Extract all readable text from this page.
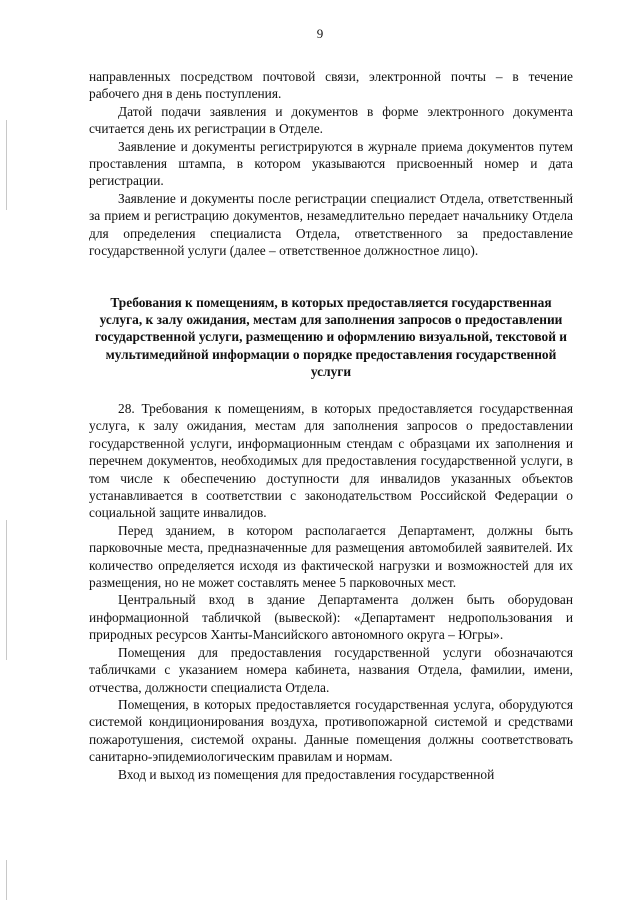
9

направленных посредством почтовой связи, электронной почты – в течение рабочего дня в день поступления.

Датой подачи заявления и документов в форме электронного документа считается день их регистрации в Отделе.

Заявление и документы регистрируются в журнале приема документов путем проставления штампа, в котором указываются присвоенный номер и дата регистрации.

Заявление и документы после регистрации специалист Отдела, ответственный за прием и регистрацию документов, незамедлительно передает начальнику Отдела для определения специалиста Отдела, ответственного за предоставление государственной услуги (далее – ответственное должностное лицо).

Требования к помещениям, в которых предоставляется государственная услуга, к залу ожидания, местам для заполнения запросов о предоставлении государственной услуги, размещению и оформлению визуальной, текстовой и мультимедийной информации о порядке предоставления государственной услуги

28. Требования к помещениям, в которых предоставляется государственная услуга, к залу ожидания, местам для заполнения запросов о предоставлении государственной услуги, информационным стендам с образцами их заполнения и перечнем документов, необходимых для предоставления государственной услуги, в том числе к обеспечению доступности для инвалидов указанных объектов устанавливается в соответствии с законодательством Российской Федерации о социальной защите инвалидов.

Перед зданием, в котором располагается Департамент, должны быть парковочные места, предназначенные для размещения автомобилей заявителей. Их количество определяется исходя из фактической нагрузки и возможностей для их размещения, но не может составлять менее 5 парковочных мест.

Центральный вход в здание Департамента должен быть оборудован информационной табличкой (вывеской): «Департамент недропользования и природных ресурсов Ханты-Мансийского автономного округа – Югры».

Помещения для предоставления государственной услуги обозначаются табличками с указанием номера кабинета, названия Отдела, фамилии, имени, отчества, должности специалиста Отдела.

Помещения, в которых предоставляется государственная услуга, оборудуются системой кондиционирования воздуха, противопожарной системой и средствами пожаротушения, системой охраны. Данные помещения должны соответствовать санитарно-эпидемиологическим правилам и нормам.

Вход и выход из помещения для предоставления государственной
